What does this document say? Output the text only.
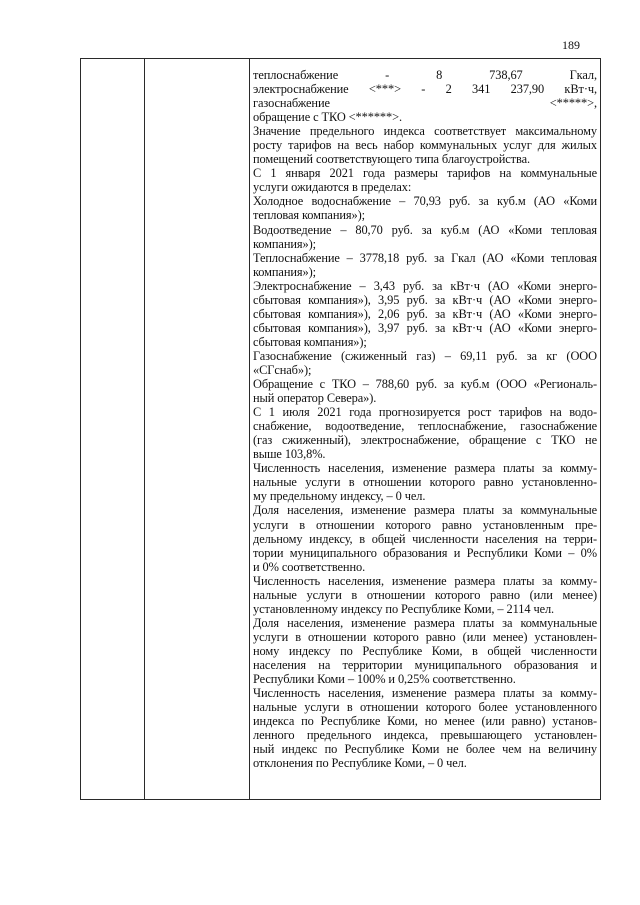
189
теплоснабжение - 8 738,67 Гкал,
электроснабжение <***> - 2 341 237,90 кВт·ч,
газоснабжение <*****>,
обращение с ТКО <******>.
Значение предельного индекса соответствует максимальному
росту тарифов на весь набор коммунальных услуг для жилых
помещений соответствующего типа благоустройства.
С 1 января 2021 года размеры тарифов на коммунальные
услуги ожидаются в пределах:
Холодное водоснабжение – 70,93 руб. за куб.м (АО «Коми
тепловая компания»);
Водоотведение – 80,70 руб. за куб.м (АО «Коми тепловая
компания»);
Теплоснабжение – 3778,18 руб. за Гкал (АО «Коми тепловая
компания»);
Электроснабжение – 3,43 руб. за кВт·ч (АО «Коми энерго-
сбытовая компания»), 3,95 руб. за кВт·ч (АО «Коми энерго-
сбытовая компания»), 2,06 руб. за кВт·ч (АО «Коми энерго-
сбытовая компания»), 3,97 руб. за кВт·ч (АО «Коми энерго-
сбытовая компания»);
Газоснабжение (сжиженный газ) – 69,11 руб. за кг (ООО
«СГснаб»);
Обращение с ТКО – 788,60 руб. за куб.м (ООО «Региональ-
ный оператор Севера»).
С 1 июля 2021 года прогнозируется рост тарифов на водо-
снабжение, водоотведение, теплоснабжение, газоснабжение
(газ сжиженный), электроснабжение, обращение с ТКО не
выше 103,8%.
Численность населения, изменение размера платы за комму-
нальные услуги в отношении которого равно установленно-
му предельному индексу, – 0 чел.
Доля населения, изменение размера платы за коммунальные
услуги в отношении которого равно установленным пре-
дельному индексу, в общей численности населения на терри-
тории муниципального образования и Республики Коми – 0%
и 0% соответственно.
Численность населения, изменение размера платы за комму-
нальные услуги в отношении которого равно (или менее)
установленному индексу по Республике Коми, – 2114 чел.
Доля населения, изменение размера платы за коммунальные
услуги в отношении которого равно (или менее) установлен-
ному индексу по Республике Коми, в общей численности
населения на территории муниципального образования и
Республики Коми – 100% и 0,25% соответственно.
Численность населения, изменение размера платы за комму-
нальные услуги в отношении которого более установленного
индекса по Республике Коми, но менее (или равно) установ-
ленного предельного индекса, превышающего установлен-
ный индекс по Республике Коми не более чем на величину
отклонения по Республике Коми, – 0 чел.
